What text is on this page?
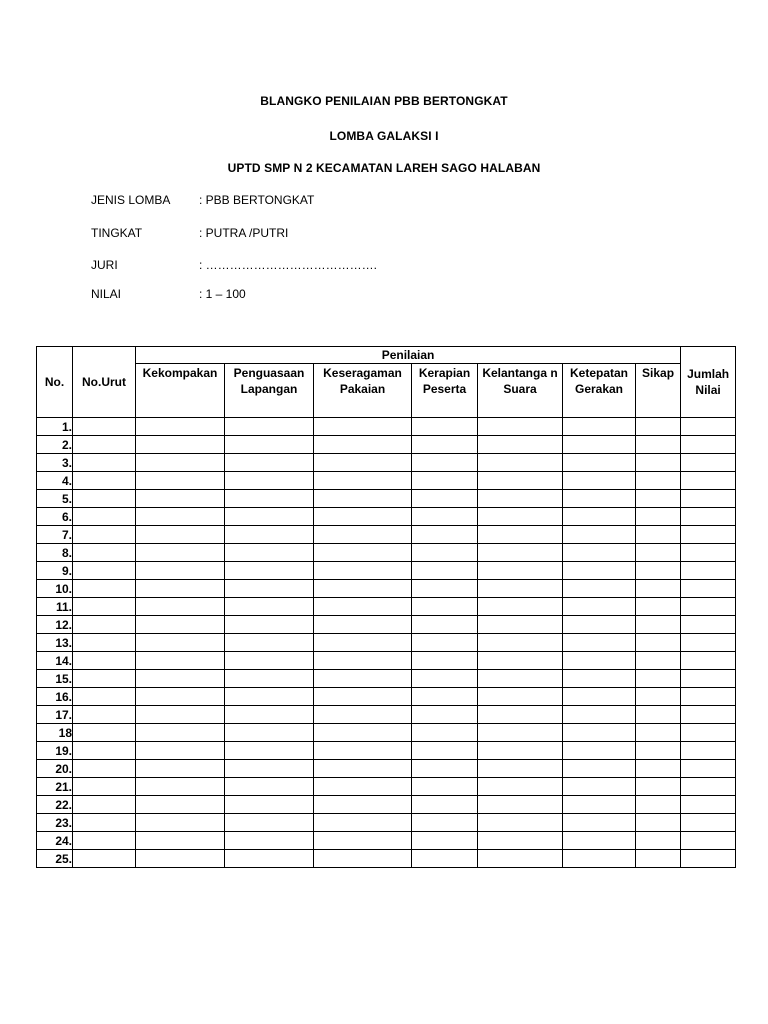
BLANGKO PENILAIAN PBB BERTONGKAT
LOMBA GALAKSI I
UPTD SMP N 2 KECAMATAN LAREH SAGO HALABAN
JENIS LOMBA : PBB BERTONGKAT
TINGKAT	: PUTRA /PUTRI
JURI	: …………………………………….
NILAI	: 1 – 100
No.	No.Urut	Penilaian							Jumlah Nilai
		Kekompakan	Penguasaan Lapangan	Keseragaman Pakaian	Kerapian Peserta	Kelantanga n Suara	Ketepatan Gerakan	Sikap	
1.									
2.									
3.									
4.									
5.									
6.									
7.									
8.									
9.									
10.									
11.									
12.									
13.									
14.									
15.									
16.									
17.									
18									
19.									
20.									
21.									
22.									
23.									
24.									
25.									
